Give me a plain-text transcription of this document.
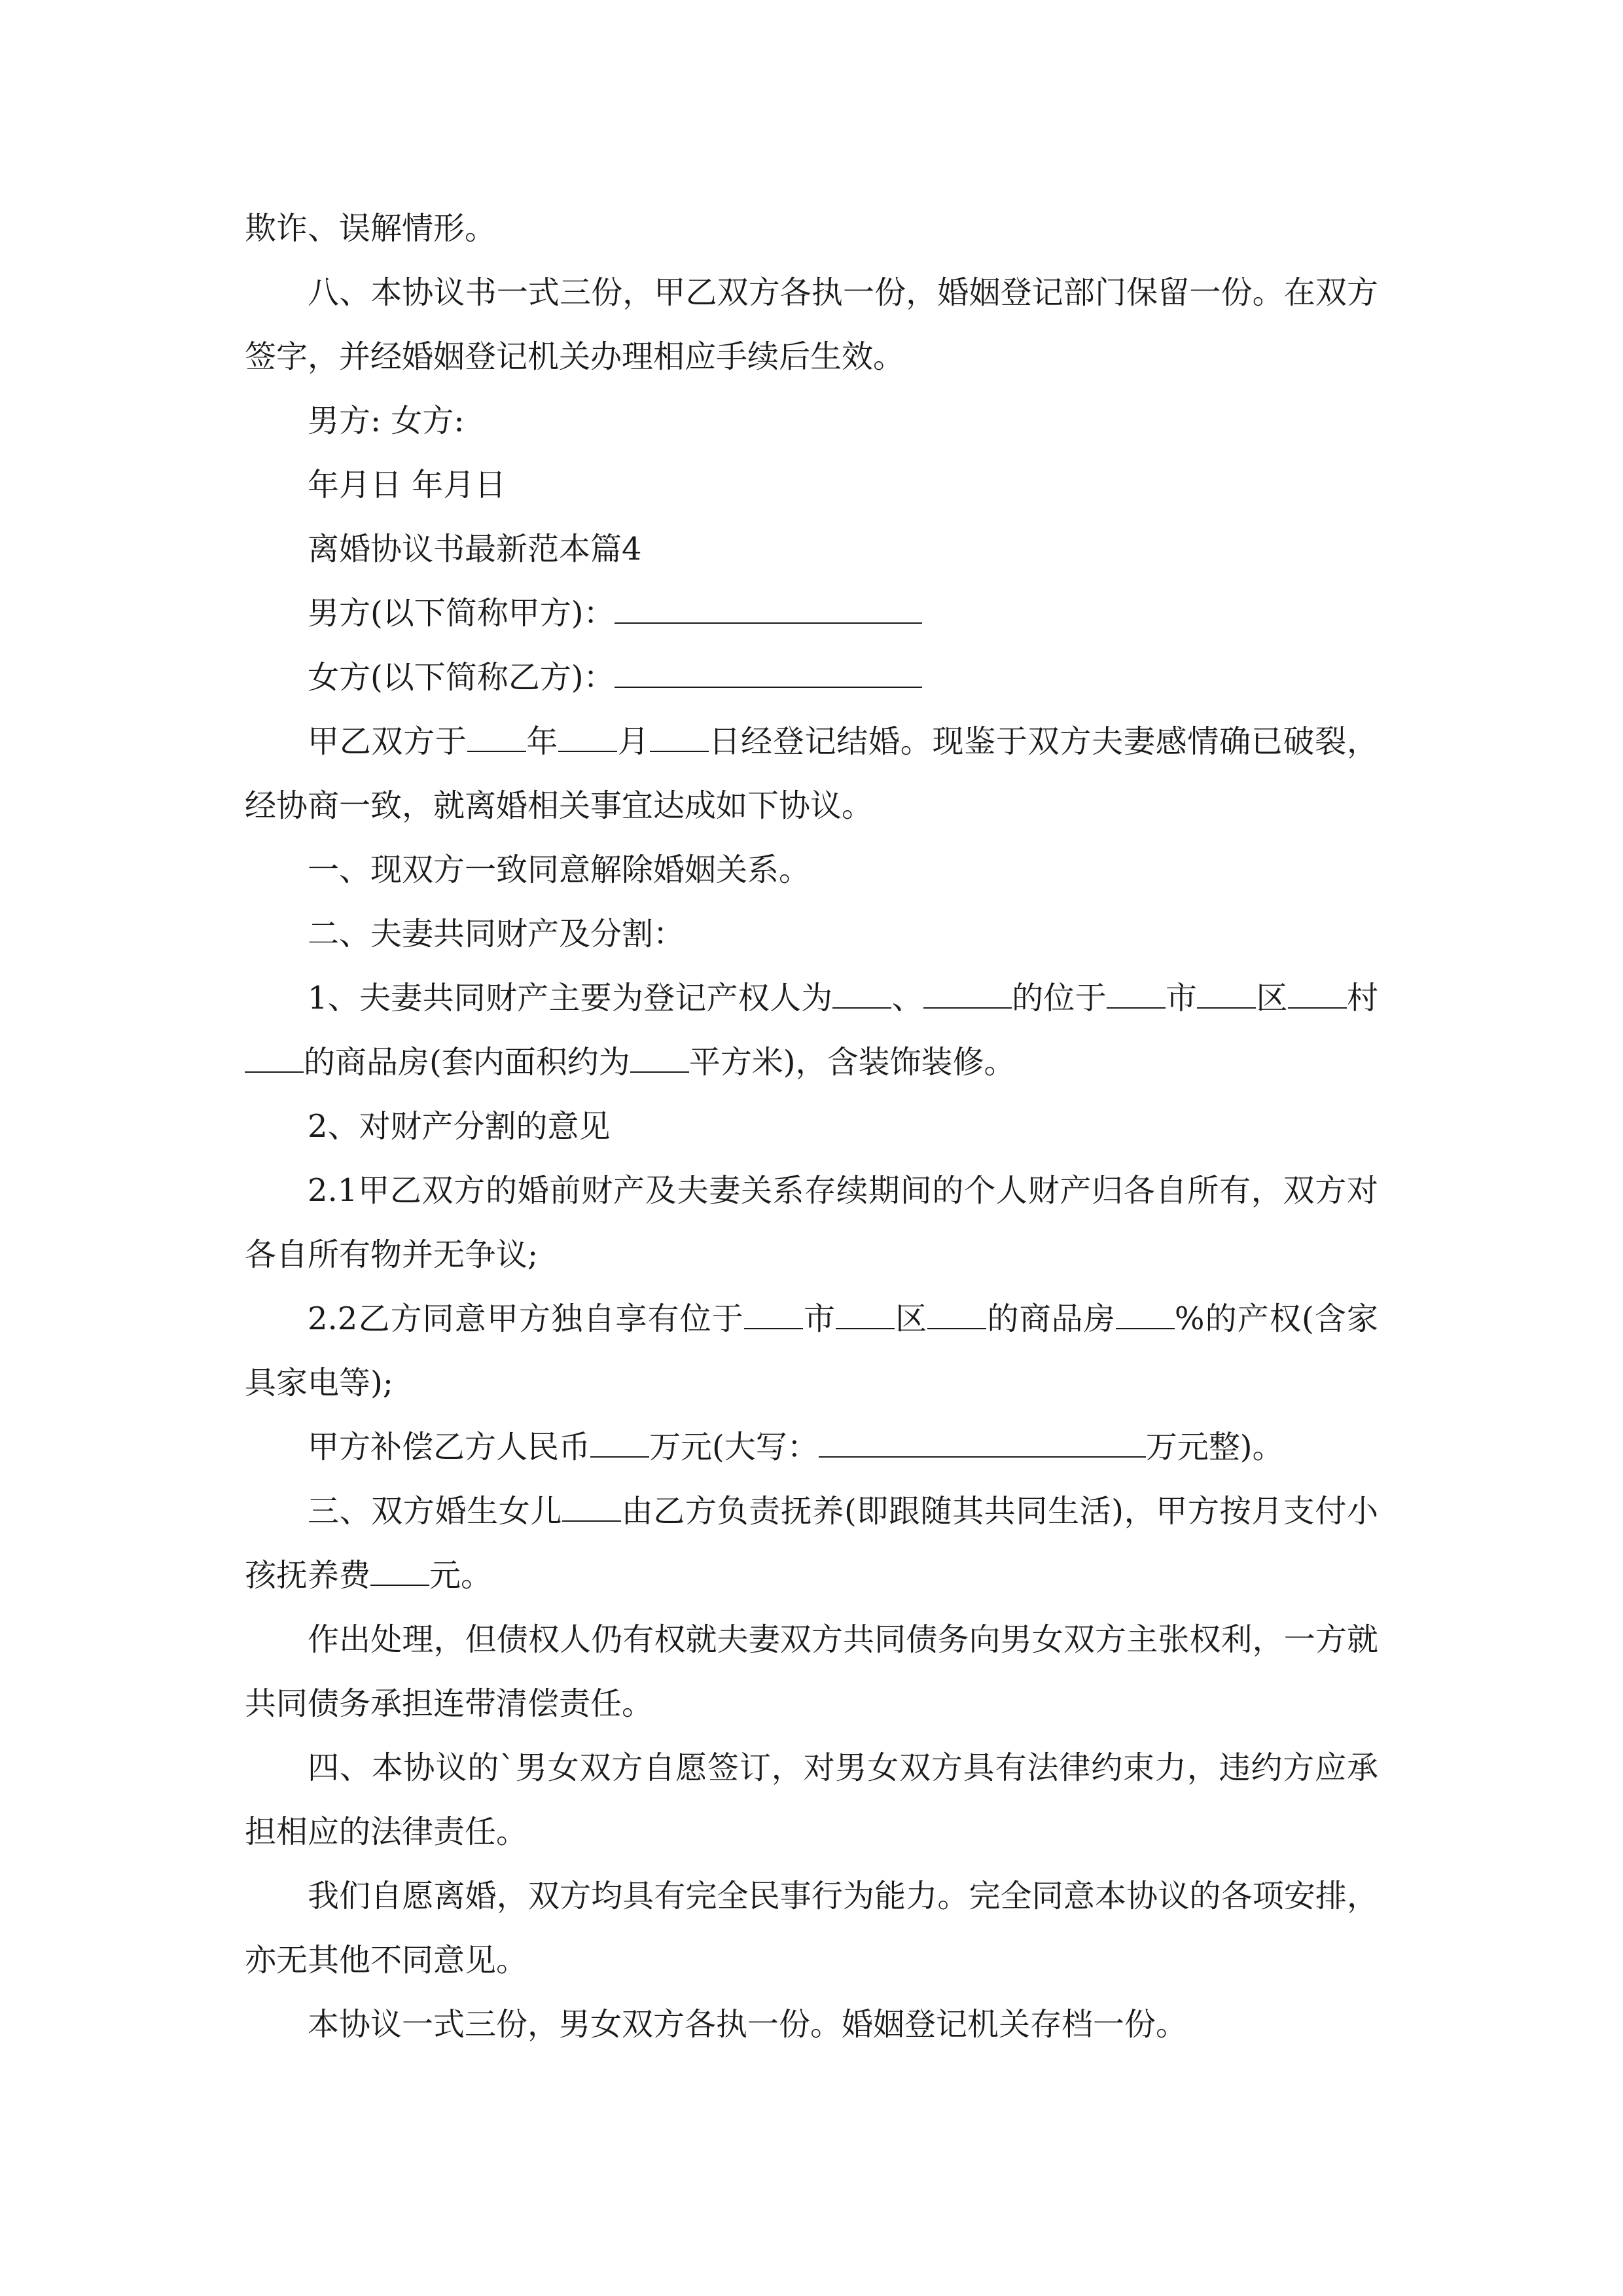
欺诈、误解情形。

八、本协议书一式三份，甲乙双方各执一份，婚姻登记部门保留一份。在双方签字，并经婚姻登记机关办理相应手续后生效。

男方: 女方:

年月日 年月日

离婚协议书最新范本篇4

男方(以下简称甲方)：

女方(以下简称乙方)：

甲乙双方于 年 月 日经登记结婚。现鉴于双方夫妻感情确已破裂，经协商一致，就离婚相关事宜达成如下协议。

一、现双方一致同意解除婚姻关系。

二、夫妻共同财产及分割：

1、夫妻共同财产主要为登记产权人为 、	的位于 市 区 村的商品房(套内面积约为 平方米)，含装饰装修。

2、对财产分割的意见

2.1甲乙双方的婚前财产及夫妻关系存续期间的个人财产归各自所有，双方对各自所有物并无争议;

2.2乙方同意甲方独自享有位于 市 区 的商品房 %的产权(含家具家电等);

甲方补偿乙方人民币 万元(大写：	万元整)。

三、双方婚生女儿 由乙方负责抚养(即跟随其共同生活)，甲方按月支付小孩抚养费 元。

作出处理，但债权人仍有权就夫妻双方共同债务向男女双方主张权利，一方就共同债务承担连带清偿责任。

四、本协议的`男女双方自愿签订，对男女双方具有法律约束力，违约方应承担相应的法律责任。

我们自愿离婚，双方均具有完全民事行为能力。完全同意本协议的各项安排，亦无其他不同意见。

本协议一式三份，男女双方各执一份。婚姻登记机关存档一份。
